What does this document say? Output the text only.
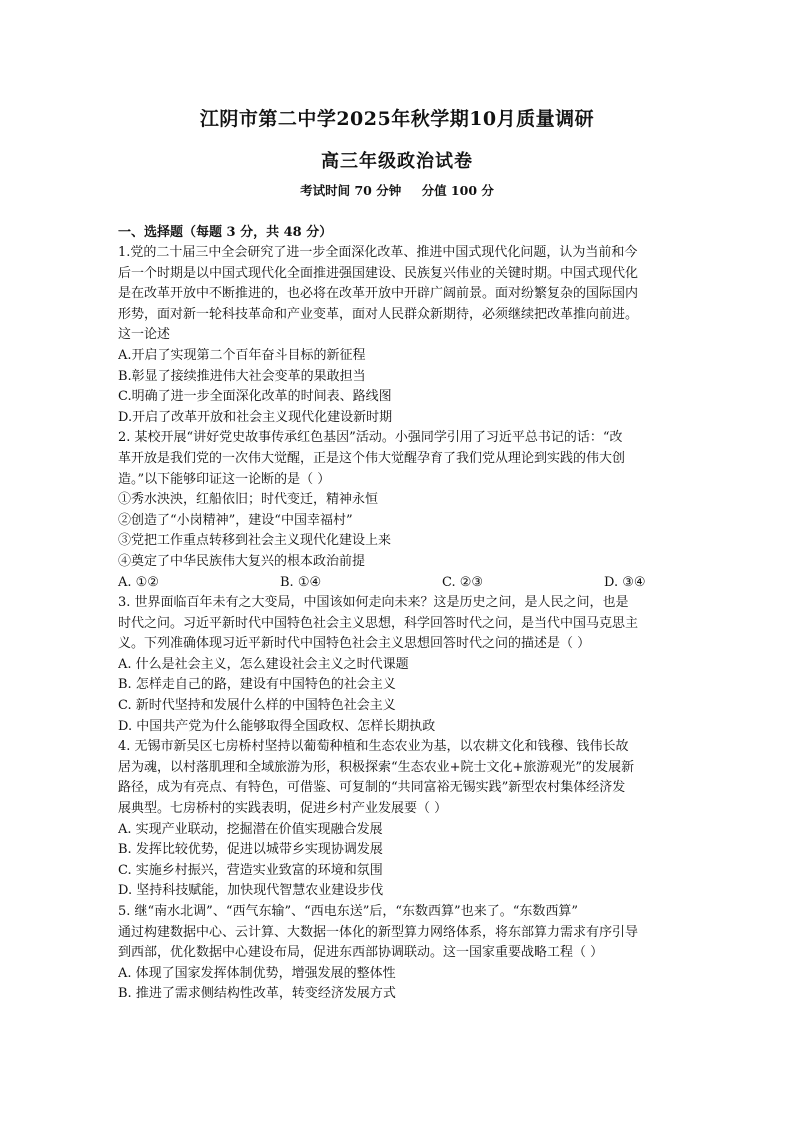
江阴市第二中学2025年秋学期10月质量调研
高三年级政治试卷
考试时间 70 分钟 分值 100 分
一、选择题（每题 3 分，共 48 分）
1.党的二十届三中全会研究了进一步全面深化改革、推进中国式现代化问题，认为当前和今
后一个时期是以中国式现代化全面推进强国建设、民族复兴伟业的关键时期。中国式现代化
是在改革开放中不断推进的，也必将在改革开放中开辟广阔前景。面对纷繁复杂的国际国内
形势，面对新一轮科技革命和产业变革，面对人民群众新期待，必须继续把改革推向前进。
这一论述
A.开启了实现第二个百年奋斗目标的新征程
B.彰显了接续推进伟大社会变革的果敢担当
C.明确了进一步全面深化改革的时间表、路线图
D.开启了改革开放和社会主义现代化建设新时期
2. 某校开展“讲好党史故事传承红色基因”活动。小强同学引用了习近平总书记的话：“改
革开放是我们党的一次伟大觉醒，正是这个伟大觉醒孕育了我们党从理论到实践的伟大创
造。”以下能够印证这一论断的是（ ）
①秀水泱泱，红船依旧；时代变迁，精神永恒
②创造了“小岗精神”，建设“中国幸福村”
③党把工作重点转移到社会主义现代化建设上来
④奠定了中华民族伟大复兴的根本政治前提
A. ①②	B. ①④	C. ②③	D. ③④
3. 世界面临百年未有之大变局，中国该如何走向未来？这是历史之问，是人民之问，也是
时代之问。习近平新时代中国特色社会主义思想，科学回答时代之问，是当代中国马克思主
义。下列准确体现习近平新时代中国特色社会主义思想回答时代之问的描述是（ ）
A. 什么是社会主义，怎么建设社会主义之时代课题
B. 怎样走自己的路，建设有中国特色的社会主义
C. 新时代坚持和发展什么样的中国特色社会主义
D. 中国共产党为什么能够取得全国政权、怎样长期执政
4. 无锡市新吴区七房桥村坚持以葡萄种植和生态农业为基，以农耕文化和钱穆、钱伟长故
居为魂，以村落肌理和全域旅游为形，积极探索“生态农业+院士文化+旅游观光”的发展新
路径，成为有亮点、有特色，可借鉴、可复制的“共同富裕无锡实践”新型农村集体经济发
展典型。七房桥村的实践表明，促进乡村产业发展要（ ）
A. 实现产业联动，挖掘潜在价值实现融合发展
B. 发挥比较优势，促进以城带乡实现协调发展
C. 实施乡村振兴，营造实业致富的环境和氛围
D. 坚持科技赋能，加快现代智慧农业建设步伐
5. 继“南水北调”、“西气东输”、“西电东送”后，“东数西算”也来了。“东数西算”
通过构建数据中心、云计算、大数据一体化的新型算力网络体系，将东部算力需求有序引导
到西部，优化数据中心建设布局，促进东西部协调联动。这一国家重要战略工程（ ）
A. 体现了国家发挥体制优势，增强发展的整体性
B. 推进了需求侧结构性改革，转变经济发展方式
